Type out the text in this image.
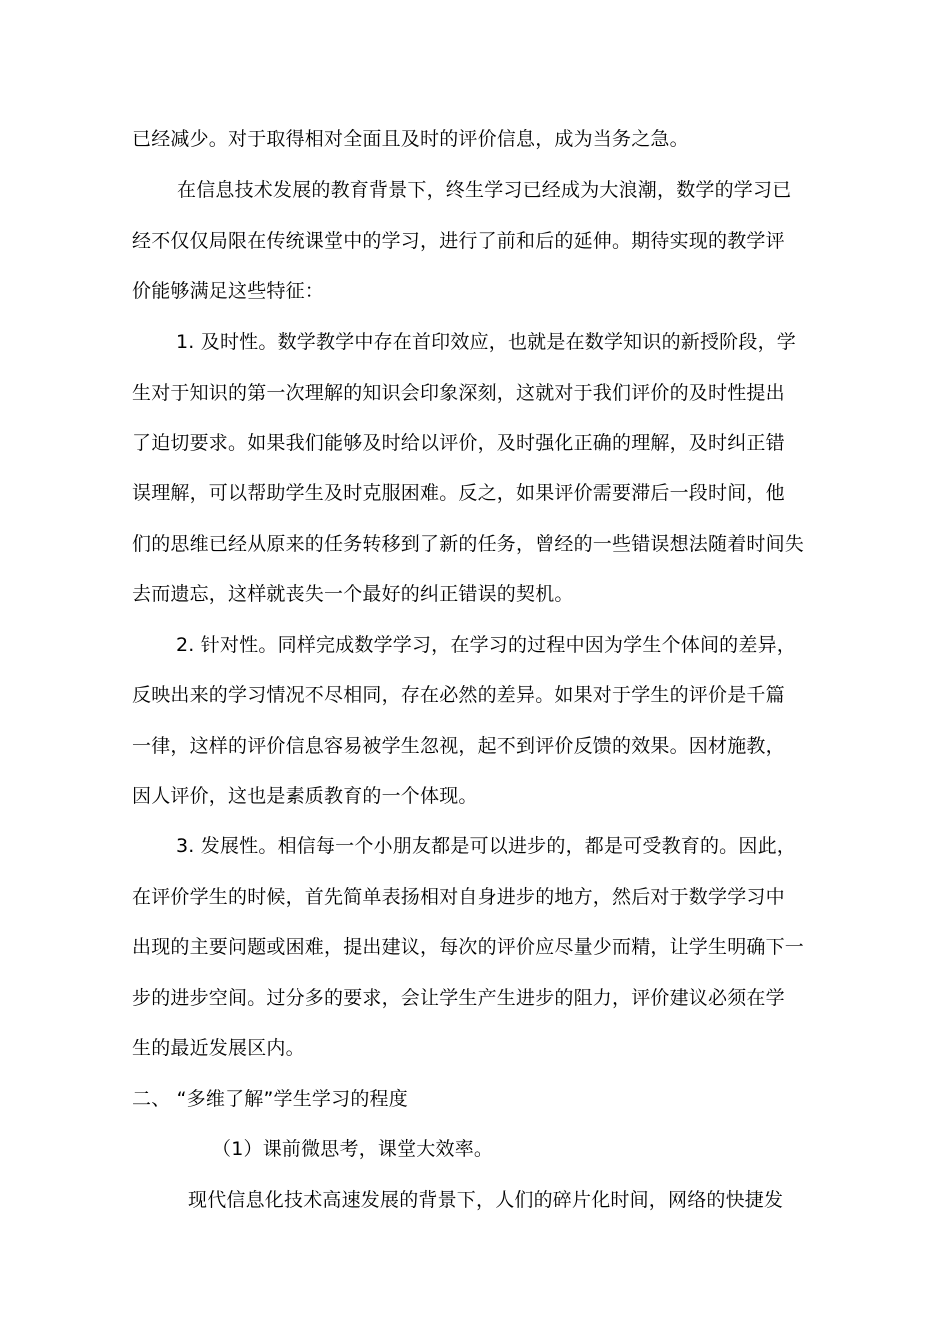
已经减少。对于取得相对全面且及时的评价信息，成为当务之急。
在信息技术发展的教育背景下，终生学习已经成为大浪潮，数学的学习已
经不仅仅局限在传统课堂中的学习，进行了前和后的延伸。期待实现的教学评
价能够满足这些特征：
1. 及时性。数学教学中存在首印效应，也就是在数学知识的新授阶段，学
生对于知识的第一次理解的知识会印象深刻，这就对于我们评价的及时性提出
了迫切要求。如果我们能够及时给以评价，及时强化正确的理解，及时纠正错
误理解，可以帮助学生及时克服困难。反之，如果评价需要滞后一段时间，他
们的思维已经从原来的任务转移到了新的任务，曾经的一些错误想法随着时间失
去而遗忘，这样就丧失一个最好的纠正错误的契机。
2. 针对性。同样完成数学学习，在学习的过程中因为学生个体间的差异，
反映出来的学习情况不尽相同，存在必然的差异。如果对于学生的评价是千篇
一律，这样的评价信息容易被学生忽视，起不到评价反馈的效果。因材施教，
因人评价，这也是素质教育的一个体现。
3. 发展性。相信每一个小朋友都是可以进步的，都是可受教育的。因此，
在评价学生的时候，首先简单表扬相对自身进步的地方，然后对于数学学习中
出现的主要问题或困难，提出建议，每次的评价应尽量少而精，让学生明确下一
步的进步空间。过分多的要求，会让学生产生进步的阻力，评价建议必须在学
生的最近发展区内。
二、 “多维了解”学生学习的程度
（1）课前微思考，课堂大效率。
现代信息化技术高速发展的背景下，人们的碎片化时间，网络的快捷发
